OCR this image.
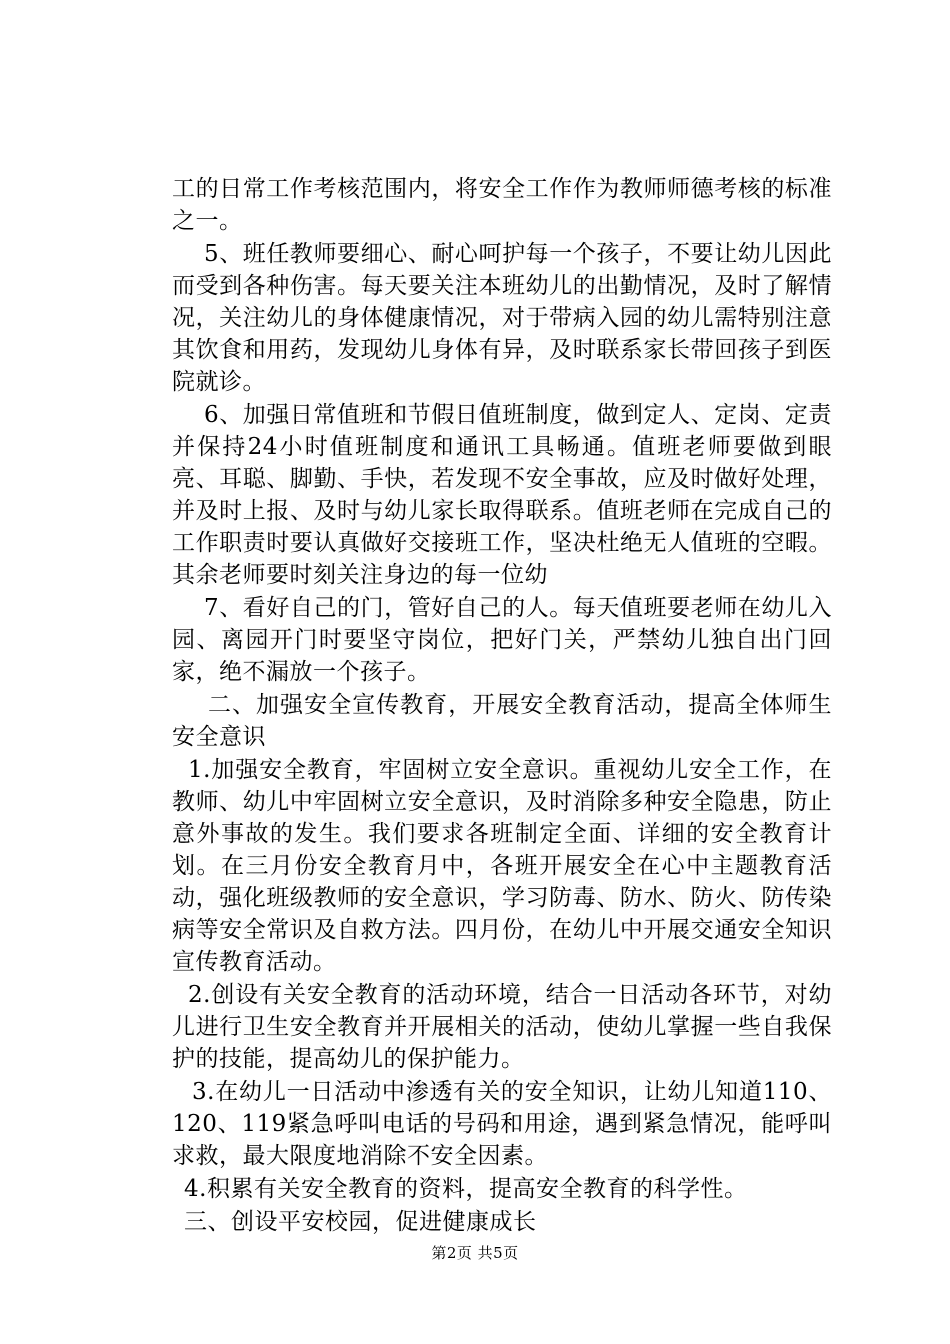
工的日常工作考核范围内，将安全工作作为教师师德考核的标准之一。

5、班任教师要细心、耐心呵护每一个孩子，不要让幼儿因此而受到各种伤害。每天要关注本班幼儿的出勤情况，及时了解情况，关注幼儿的身体健康情况，对于带病入园的幼儿需特别注意其饮食和用药，发现幼儿身体有异，及时联系家长带回孩子到医院就诊。

6、加强日常值班和节假日值班制度，做到定人、定岗、定责并保持24小时值班制度和通讯工具畅通。值班老师要做到眼亮、耳聪、脚勤、手快，若发现不安全事故，应及时做好处理，并及时上报、及时与幼儿家长取得联系。值班老师在完成自己的工作职责时要认真做好交接班工作，坚决杜绝无人值班的空暇。其余老师要时刻关注身边的每一位幼

7、看好自己的门，管好自己的人。每天值班要老师在幼儿入园、离园开门时要坚守岗位，把好门关，严禁幼儿独自出门回家，绝不漏放一个孩子。

二、加强安全宣传教育，开展安全教育活动，提高全体师生安全意识

1.加强安全教育，牢固树立安全意识。重视幼儿安全工作，在教师、幼儿中牢固树立安全意识，及时消除多种安全隐患，防止意外事故的发生。我们要求各班制定全面、详细的安全教育计划。在三月份安全教育月中，各班开展安全在心中主题教育活动，强化班级教师的安全意识，学习防毒、防水、防火、防传染病等安全常识及自救方法。四月份，在幼儿中开展交通安全知识宣传教育活动。

2.创设有关安全教育的活动环境，结合一日活动各环节，对幼儿进行卫生安全教育并开展相关的活动，使幼儿掌握一些自我保护的技能，提高幼儿的保护能力。

3.在幼儿一日活动中渗透有关的安全知识，让幼儿知道110、120、119紧急呼叫电话的号码和用途，遇到紧急情况，能呼叫求救，最大限度地消除不安全因素。

4.积累有关安全教育的资料，提高安全教育的科学性。

三、创设平安校园，促进健康成长

第2页 共5页
